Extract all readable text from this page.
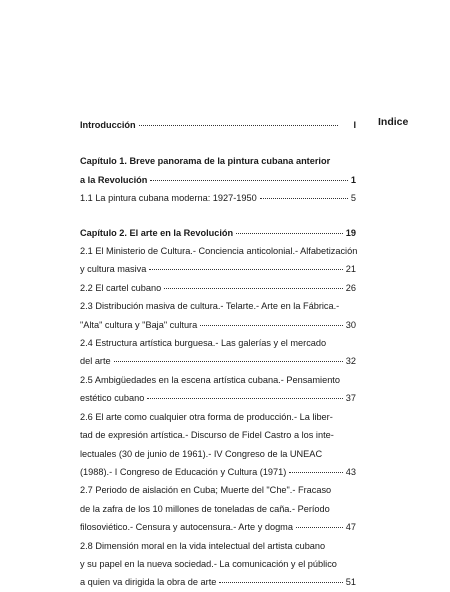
Indice
Introducción	I
Capítulo 1. Breve panorama de la pintura cubana anterior
a la Revolución	1
1.1 La pintura cubana moderna: 1927-1950	5
Capítulo 2. El arte en la Revolución	19
2.1 El Ministerio de Cultura.- Conciencia anticolonial.- Alfabetización
y cultura masiva	21
2.2 El cartel cubano	26
2.3 Distribución masiva de cultura.- Telarte.- Arte en la Fábrica.-
"Alta" cultura y "Baja" cultura	30
2.4 Estructura artística burguesa.- Las galerías y el mercado
del arte	32
2.5 Ambigüedades en la escena artística cubana.- Pensamiento
estético cubano	37
2.6 El arte como cualquier otra forma de producción.- La liber-
tad de expresión artística.- Discurso de Fidel Castro a los inte-
lectuales (30 de junio de 1961).- IV Congreso de la UNEAC
(1988).- I Congreso de Educación y Cultura (1971)	43
2.7 Periodo de aislación en Cuba; Muerte del "Che".- Fracaso
de la zafra de los 10 millones de toneladas de caña.- Período
filosoviético.- Censura y autocensura.- Arte y dogma	47
2.8 Dimensión moral en la vida intelectual del artista cubano
y su papel en la nueva sociedad.- La comunicación y el público
a quien va dirigida la obra de arte	51
